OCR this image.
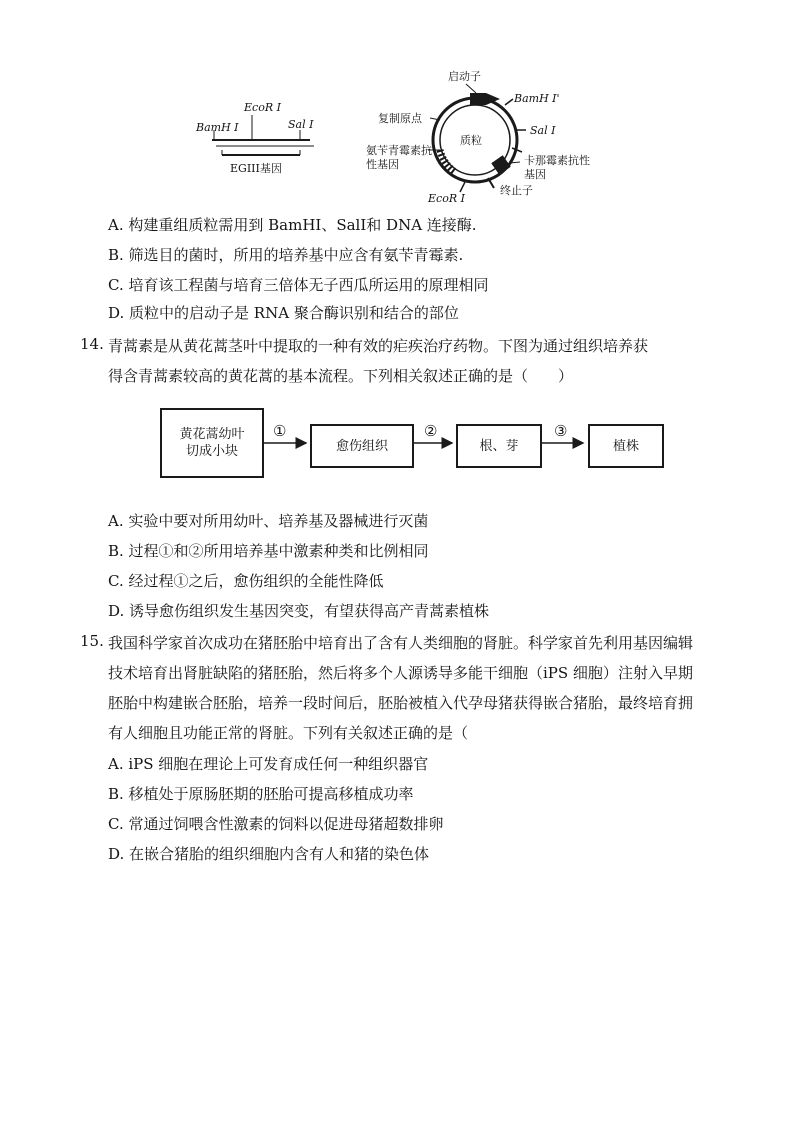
BamH I
EcoR I
Sal I
EGIII基因
启动子
BamH I'
复制原点
质粒
Sal I
氨苄青霉素抗性基因	卡那霉素抗性基因
终止子
EcoR I
A. 构建重组质粒需用到 BamHI、SalI和 DNA 连接酶.
B. 筛选目的菌时，所用的培养基中应含有氨苄青霉素.
C. 培育该工程菌与培育三倍体无子西瓜所运用的原理相同
D. 质粒中的启动子是 RNA 聚合酶识别和结合的部位
14. 青蒿素是从黄花蒿茎叶中提取的一种有效的疟疾治疗药物。下图为通过组织培养获
得含青蒿素较高的黄花蒿的基本流程。下列相关叙述正确的是（　　）
黄花蒿幼叶切成小块	愈伤组织	根、芽	植株
①	②	③
A. 实验中要对所用幼叶、培养基及器械进行灭菌
B. 过程①和②所用培养基中激素种类和比例相同
C. 经过程①之后，愈伤组织的全能性降低
D. 诱导愈伤组织发生基因突变，有望获得高产青蒿素植株
15. 我国科学家首次成功在猪胚胎中培育出了含有人类细胞的肾脏。科学家首先利用基因编辑
技术培育出肾脏缺陷的猪胚胎，然后将多个人源诱导多能干细胞（iPS 细胞）注射入早期
胚胎中构建嵌合胚胎，培养一段时间后，胚胎被植入代孕母猪获得嵌合猪胎，最终培育拥
有人细胞且功能正常的肾脏。下列有关叙述正确的是（
A. iPS 细胞在理论上可发育成任何一种组织器官
B. 移植处于原肠胚期的胚胎可提高移植成功率
C. 常通过饲喂含性激素的饲料以促进母猪超数排卵
D. 在嵌合猪胎的组织细胞内含有人和猪的染色体
